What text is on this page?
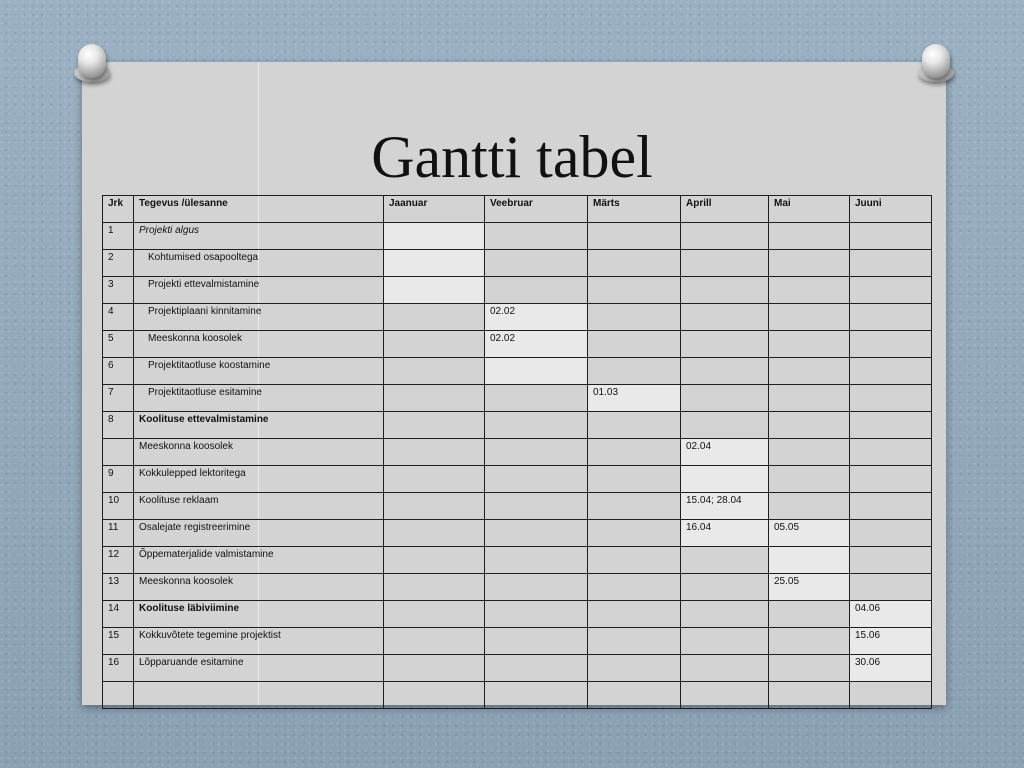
Gantti tabel
Jrk	Tegevus /ülesanne	Jaanuar	Veebruar	Märts	Aprill	Mai	Juuni
1	Projekti algus						
2	Kohtumised osapooltega						
3	Projekti ettevalmistamine						
4	Projektiplaani kinnitamine		02.02				
5	Meeskonna koosolek		02.02				
6	Projektitaotluse koostamine						
7	Projektitaotluse esitamine			01.03			
8	Koolituse ettevalmistamine						
	Meeskonna koosolek				02.04		
9	Kokkulepped lektoritega						
10	Koolituse reklaam				15.04; 28.04		
11	Osalejate registreerimine				16.04	05.05	
12	Õppematerjalide valmistamine						
13	Meeskonna koosolek					25.05	
14	Koolituse läbiviimine						04.06
15	Kokkuvõtete tegemine projektist						15.06
16	Lõpparuande esitamine						30.06
